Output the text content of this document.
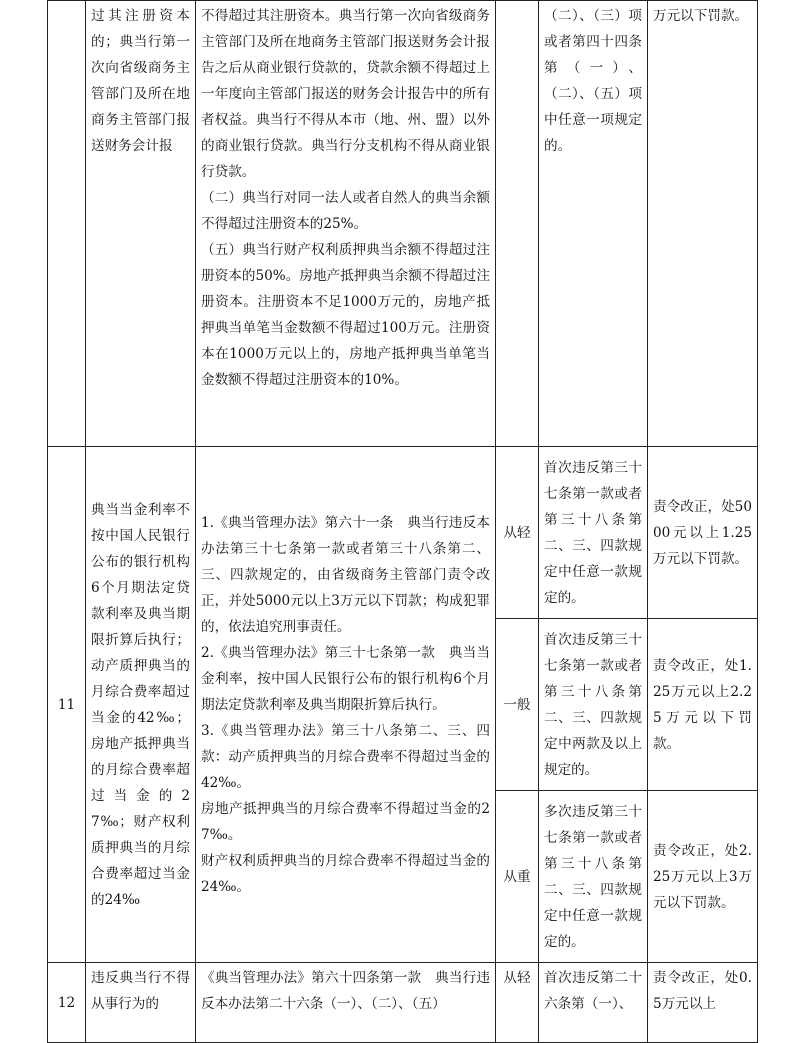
	过其注册资本的；典当行第一次向省级商务主管部门及所在地商务主管部门报送财务会计报	不得超过其注册资本。典当行第一次向省级商务主管部门及所在地商务主管部门报送财务会计报告之后从商业银行贷款的，贷款余额不得超过上一年度向主管部门报送的财务会计报告中的所有者权益。典当行不得从本市（地、州、盟）以外的商业银行贷款。典当行分支机构不得从商业银行贷款。

（二）典当行对同一法人或者自然人的典当余额不得超过注册资本的25%。

（五）典当行财产权利质押典当余额不得超过注册资本的50%。房地产抵押典当余额不得超过注册资本。注册资本不足1000万元的，房地产抵押典当单笔当金数额不得超过100万元。注册资本在1000万元以上的，房地产抵押典当单笔当金数额不得超过注册资本的10%。		（二）、（三）项或者第四十四条第（一）、（二）、（五）项中任意一项规定的。	万元以下罚款。
11	典当当金利率不按中国人民银行公布的银行机构6个月期法定贷款利率及典当期限折算后执行；动产质押典当的月综合费率超过当金的42‰；房地产抵押典当的月综合费率超过当金的27‰；财产权利质押典当的月综合费率超过当金的24‰	1.《典当管理办法》第六十一条　典当行违反本办法第三十七条第一款或者第三十八条第二、三、四款规定的，由省级商务主管部门责令改正，并处5000元以上3万元以下罚款；构成犯罪的，依法追究刑事责任。

2.《典当管理办法》第三十七条第一款　典当当金利率，按中国人民银行公布的银行机构6个月期法定贷款利率及典当期限折算后执行。

3.《典当管理办法》第三十八条第二、三、四款：动产质押典当的月综合费率不得超过当金的42‰。

房地产抵押典当的月综合费率不得超过当金的27‰。

财产权利质押典当的月综合费率不得超过当金的24‰。	从轻	首次违反第三十七条第一款或者第三十八条第二、三、四款规定中任意一款规定的。	责令改正，处5000元以上1.25万元以下罚款。
			一般	首次违反第三十七条第一款或者第三十八条第二、三、四款规定中两款及以上规定的。	责令改正，处1.25万元以上2.25万元以下罚款。
			从重	多次违反第三十七条第一款或者第三十八条第二、三、四款规定中任意一款规定的。	责令改正，处2.25万元以上3万元以下罚款。
12	违反典当行不得从事行为的	《典当管理办法》第六十四条第一款　典当行违反本办法第二十六条（一）、（二）、（五）	从轻	首次违反第二十六条第（一）、	责令改正，处0.5万元以上
